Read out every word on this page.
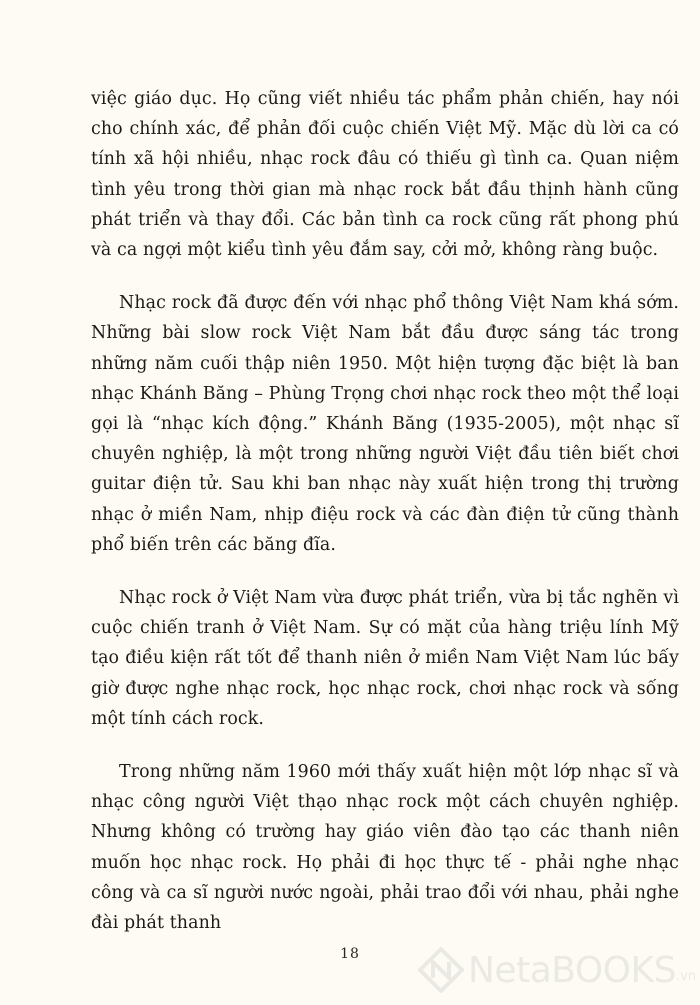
việc giáo dục. Họ cũng viết nhiều tác phẩm phản chiến, hay nói cho chính xác, để phản đối cuộc chiến Việt Mỹ. Mặc dù lời ca có tính xã hội nhiều, nhạc rock đâu có thiếu gì tình ca. Quan niệm tình yêu trong thời gian mà nhạc rock bắt đầu thịnh hành cũng phát triển và thay đổi. Các bản tình ca rock cũng rất phong phú và ca ngợi một kiểu tình yêu đắm say, cởi mở, không ràng buộc.

Nhạc rock đã được đến với nhạc phổ thông Việt Nam khá sớm. Những bài slow rock Việt Nam bắt đầu được sáng tác trong những năm cuối thập niên 1950. Một hiện tượng đặc biệt là ban nhạc Khánh Băng – Phùng Trọng chơi nhạc rock theo một thể loại gọi là “nhạc kích động.” Khánh Băng (1935-2005), một nhạc sĩ chuyên nghiệp, là một trong những người Việt đầu tiên biết chơi guitar điện tử. Sau khi ban nhạc này xuất hiện trong thị trường nhạc ở miền Nam, nhịp điệu rock và các đàn điện tử cũng thành phổ biến trên các băng đĩa.

Nhạc rock ở Việt Nam vừa được phát triển, vừa bị tắc nghẽn vì cuộc chiến tranh ở Việt Nam. Sự có mặt của hàng triệu lính Mỹ tạo điều kiện rất tốt để thanh niên ở miền Nam Việt Nam lúc bấy giờ được nghe nhạc rock, học nhạc rock, chơi nhạc rock và sống một tính cách rock.

Trong những năm 1960 mới thấy xuất hiện một lớp nhạc sĩ và nhạc công người Việt thạo nhạc rock một cách chuyên nghiệp. Nhưng không có trường hay giáo viên đào tạo các thanh niên muốn học nhạc rock. Họ phải đi học thực tế - phải nghe nhạc công và ca sĩ người nước ngoài, phải trao đổi với nhau, phải nghe đài phát thanh

18	NetaBOOKS .vn
